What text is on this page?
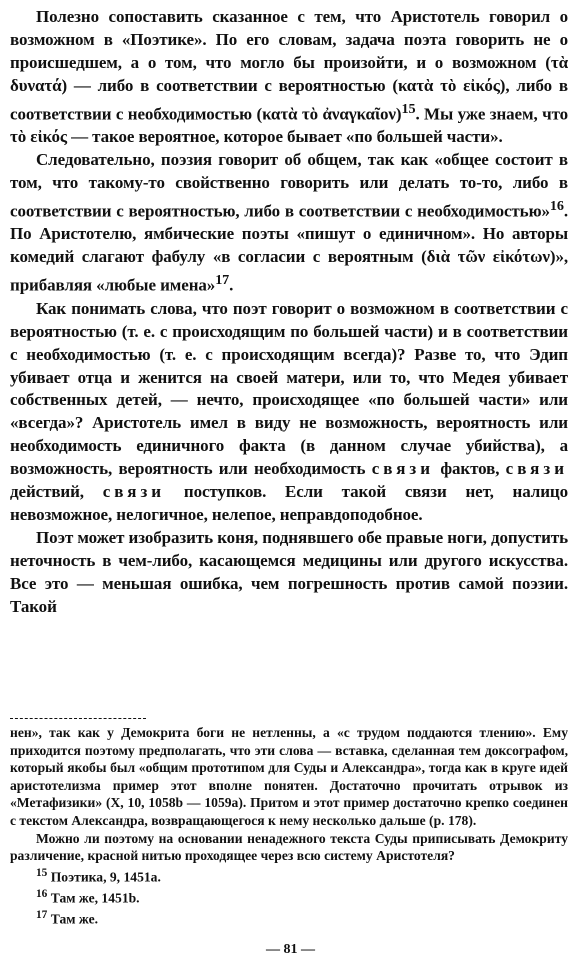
Полезно сопоставить сказанное с тем, что Аристотель говорил о возможном в «Поэтике». По его словам, задача поэта говорить не о происшедшем, а о том, что могло бы произойти, и о возможном (τὰ δυνατά) — либо в соответствии с вероятностью (κατὰ τὸ εἰκός), либо в соответствии с необходимостью (κατὰ τὸ ἀναγκαῖον)$^{15}$. Мы уже знаем, что τὸ εἰκός — такое вероятное, которое бывает «по большей части».

Следовательно, поэзия говорит об общем, так как «общее состоит в том, что такому-то свойственно говорить или делать то-то, либо в соответствии с вероятностью, либо в соответствии с необходимостью»$^{16}$. По Аристотелю, ямбические поэты «пишут о единичном». Но авторы комедий слагают фабулу «в согласии с вероятным (διὰ τῶν εἰκότων)», прибавляя «любые имена»$^{17}$.

Как понимать слова, что поэт говорит о возможном в соответствии с вероятностью (т. е. с происходящим по большей части) и в соответствии с необходимостью (т. е. с происходящим всегда)? Разве то, что Эдип убивает отца и женится на своей матери, или то, что Медея убивает собственных детей, — нечто, происходящее «по большей части» или «всегда»? Аристотель имел в виду не возможность, вероятность или необходимость единичного факта (в данном случае убийства), а возможность, вероятность или необходимость связи фактов, связи действий, связи поступков. Если такой связи нет, налицо невозможное, нелогичное, нелепое, неправдоподобное.

Поэт может изобразить коня, поднявшего обе правые ноги, допустить неточность в чем-либо, касающемся медицины или другого искусства. Все это — меньшая ошибка, чем погрешность против самой поэзии. Такой

нен», так как у Демокрита боги не нетленны, а «с трудом поддаются тлению». Ему приходится поэтому предполагать, что эти слова — вставка, сделанная тем доксографом, который якобы был «общим прототипом для Суды и Александра», тогда как в круге идей аристотелизма пример этот вполне понятен. Достаточно прочитать отрывок из «Метафизики» (X, 10, 1058b — 1059a). Притом и этот пример достаточно крепко соединен с текстом Александра, возвращающегося к нему несколько дальше (p. 178).

Можно ли поэтому на основании ненадежного текста Суды приписывать Демокриту различение, красной нитью проходящее через всю систему Аристотеля?

$^{15}$ Поэтика, 9, 1451a.

$^{16}$ Там же, 1451b.

$^{17}$ Там же.

— 81 —
